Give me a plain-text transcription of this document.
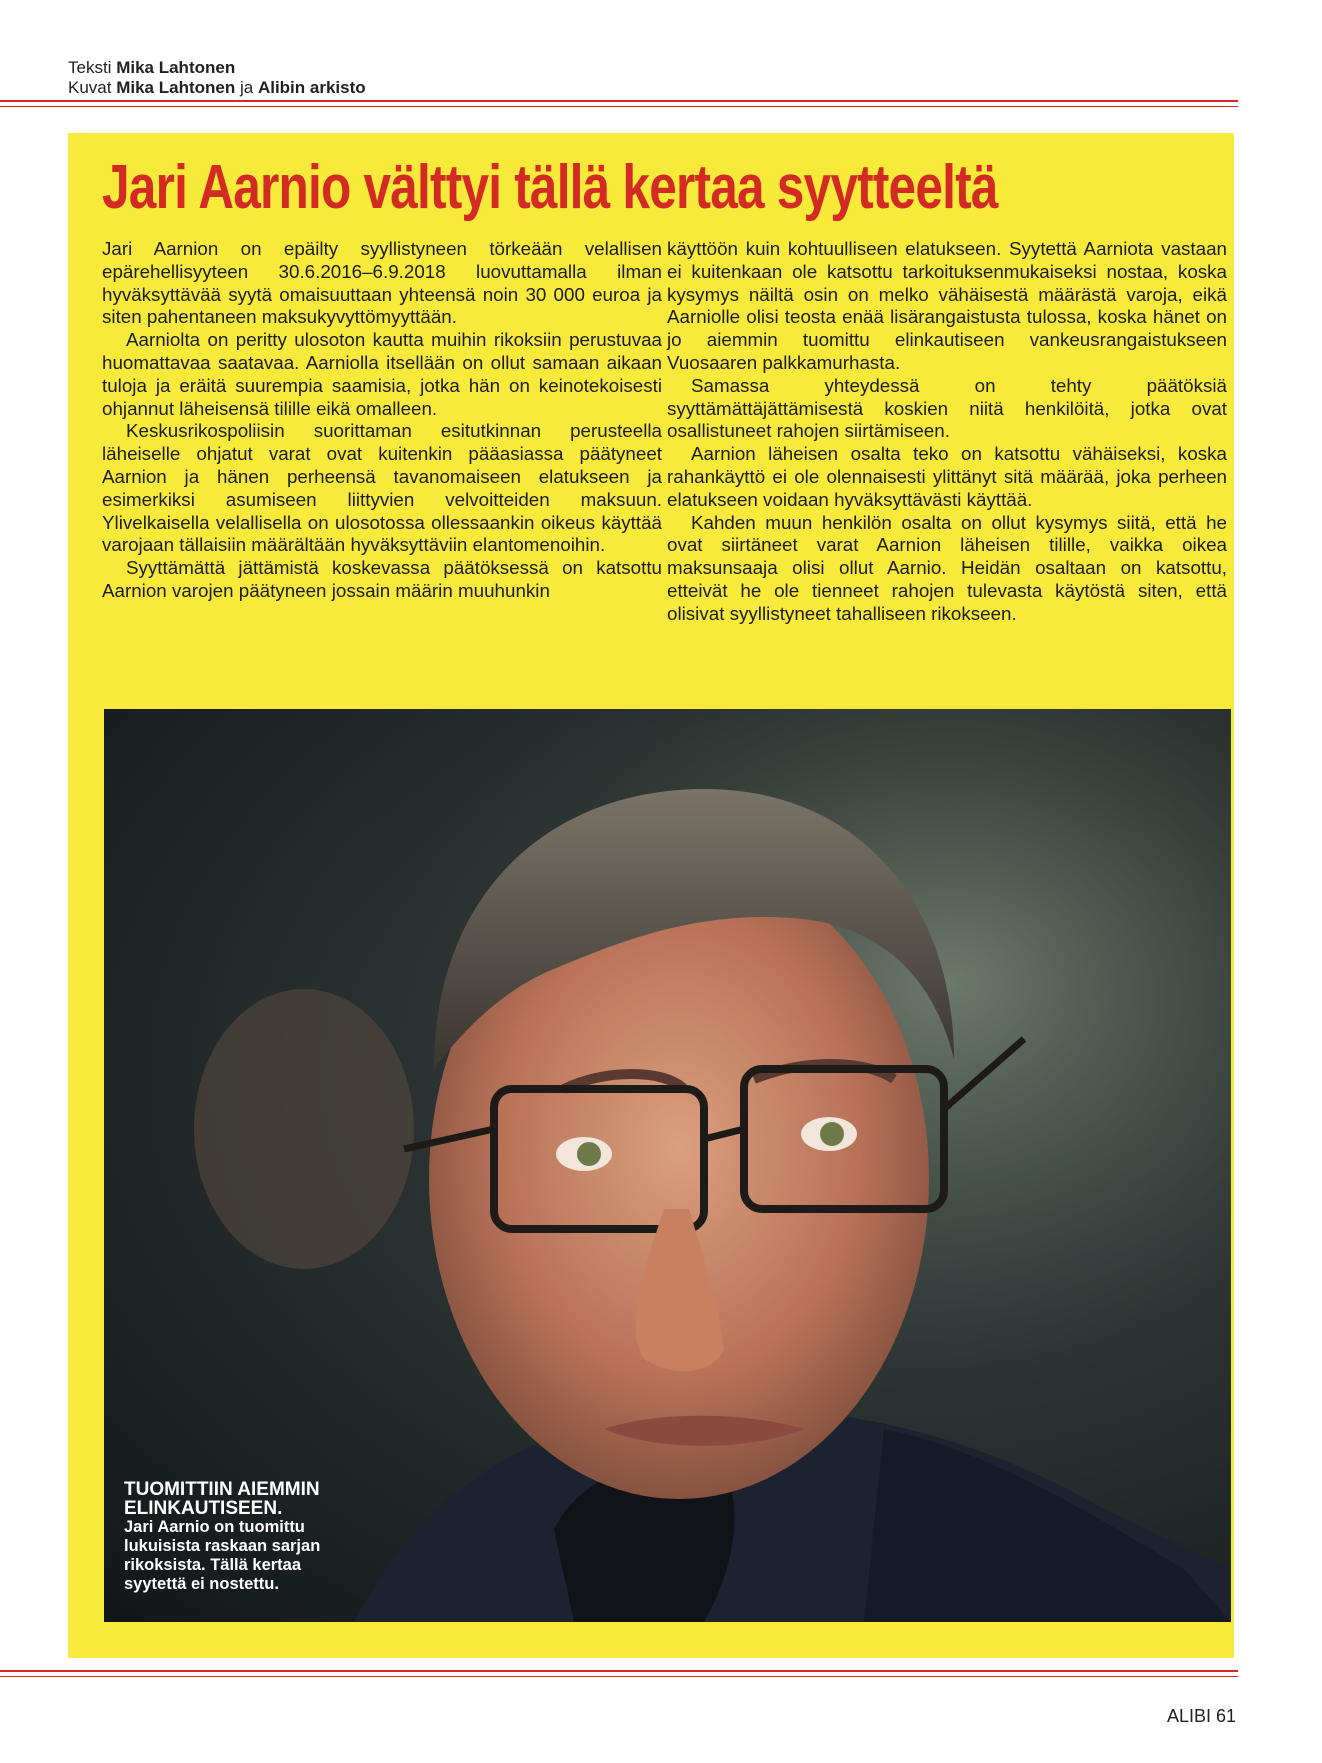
Teksti Mika Lahtonen
Kuvat Mika Lahtonen ja Alibin arkisto
Jari Aarnio välttyi tällä kertaa syytteeltä

Jari Aarnion on epäilty syyllistyneen törkeään velallisen epärehellisyyteen 30.6.2016–6.9.2018 luovuttamalla ilman hyväksyttävää syytä omaisuuttaan yhteensä noin 30 000 euroa ja siten pahentaneen maksukyvyttömyyttään.

Aarniolta on peritty ulosoton kautta muihin rikoksiin perustuvaa huomattavaa saatavaa. Aarniolla itsellään on ollut samaan aikaan tuloja ja eräitä suurempia saamisia, jotka hän on keinotekoisesti ohjannut läheisensä tilille eikä omalleen.

Keskusrikospoliisin suorittaman esitutkinnan perusteella läheiselle ohjatut varat ovat kuitenkin pääasiassa päätyneet Aarnion ja hänen perheensä tavanomaiseen elatukseen ja esimerkiksi asumiseen liittyvien velvoitteiden maksuun. Ylivelkaisella velallisella on ulosotossa ollessaankin oikeus käyttää varojaan tällaisiin määrältään hyväksyttäviin elantomenoihin.

Syyttämättä jättämistä koskevassa päätöksessä on katsottu Aarnion varojen päätyneen jossain määrin muuhunkin

käyttöön kuin kohtuulliseen elatukseen. Syytettä Aarniota vastaan ei kuitenkaan ole katsottu tarkoituksenmukaiseksi nostaa, koska kysymys näiltä osin on melko vähäisestä määrästä varoja, eikä Aarniolle olisi teosta enää lisärangaistusta tulossa, koska hänet on jo aiemmin tuomittu elinkautiseen vankeusrangaistukseen Vuosaaren palkkamurhasta.

Samassa yhteydessä on tehty päätöksiä syyttämättäjättämisestä koskien niitä henkilöitä, jotka ovat osallistuneet rahojen siirtämiseen.

Aarnion läheisen osalta teko on katsottu vähäiseksi, koska rahankäyttö ei ole olennaisesti ylittänyt sitä määrää, joka perheen elatukseen voidaan hyväksyttävästi käyttää.

Kahden muun henkilön osalta on ollut kysymys siitä, että he ovat siirtäneet varat Aarnion läheisen tilille, vaikka oikea maksunsaaja olisi ollut Aarnio. Heidän osaltaan on katsottu, etteivät he ole tienneet rahojen tulevasta käytöstä siten, että olisivat syyllistyneet tahalliseen rikokseen.

TUOMITTIIN AIEMMIN ELINKAUTISEEN.
Jari Aarnio on tuomittu lukuisista raskaan sarjan rikoksista. Tällä kertaa syytettä ei nostettu.
ALIBI 61
